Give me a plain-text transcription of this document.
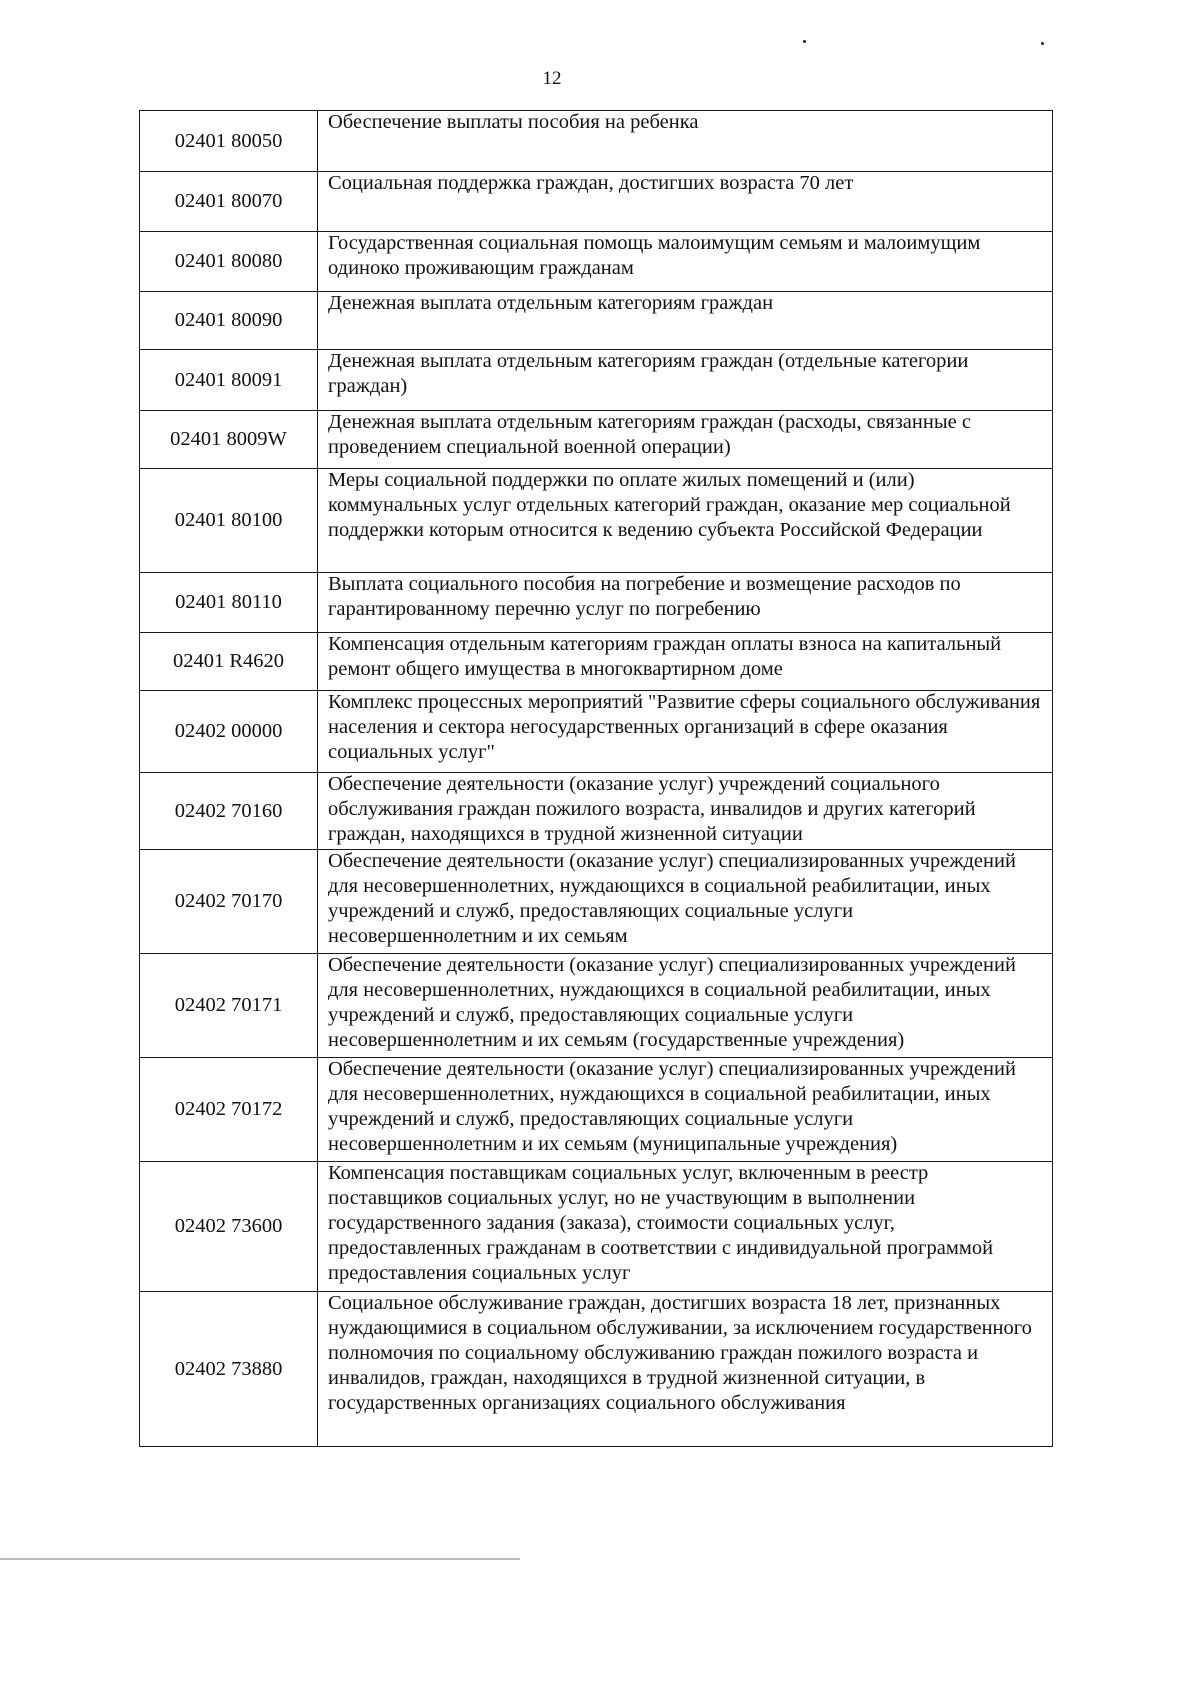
12
02401 80050	Обеспечение выплаты пособия на ребенка

02401 80070	Социальная поддержка граждан, достигших возраста 70 лет

02401 80080	Государственная социальная помощь малоимущим семьям и малоимущим одиноко проживающим гражданам

02401 80090	Денежная выплата отдельным категориям граждан

02401 80091	Денежная выплата отдельным категориям граждан (отдельные категории граждан)

02401 8009W	Денежная выплата отдельным категориям граждан (расходы, связанные с проведением специальной военной операции)

02401 80100	Меры социальной поддержки по оплате жилых помещений и (или) коммунальных услуг отдельных категорий граждан, оказание мер социальной поддержки которым относится к ведению субъекта Российской Федерации

02401 80110	Выплата социального пособия на погребение и возмещение расходов по гарантированному перечню услуг по погребению

02401 R4620	Компенсация отдельным категориям граждан оплаты взноса на капитальный ремонт общего имущества в многоквартирном доме

02402 00000	Комплекс процессных мероприятий "Развитие сферы социального обслуживания населения и сектора негосударственных организаций в сфере оказания социальных услуг"

02402 70160	Обеспечение деятельности (оказание услуг) учреждений социального обслуживания граждан пожилого возраста, инвалидов и других категорий граждан, находящихся в трудной жизненной ситуации

02402 70170	Обеспечение деятельности (оказание услуг) специализированных учреждений для несовершеннолетних, нуждающихся в социальной реабилитации, иных учреждений и служб, предоставляющих социальные услуги несовершеннолетним и их семьям

02402 70171	Обеспечение деятельности (оказание услуг) специализированных учреждений для несовершеннолетних, нуждающихся в социальной реабилитации, иных учреждений и служб, предоставляющих социальные услуги несовершеннолетним и их семьям (государственные учреждения)

02402 70172	Обеспечение деятельности (оказание услуг) специализированных учреждений для несовершеннолетних, нуждающихся в социальной реабилитации, иных учреждений и служб, предоставляющих социальные услуги несовершеннолетним и их семьям (муниципальные учреждения)

02402 73600	Компенсация поставщикам социальных услуг, включенным в реестр поставщиков социальных услуг, но не участвующим в выполнении государственного задания (заказа), стоимости социальных услуг, предоставленных гражданам в соответствии с индивидуальной программой предоставления социальных услуг

02402 73880	Социальное обслуживание граждан, достигших возраста 18 лет, признанных нуждающимися в социальном обслуживании, за исключением государственного полномочия по социальному обслуживанию граждан пожилого возраста и инвалидов, граждан, находящихся в трудной жизненной ситуации, в государственных организациях социального обслуживания
